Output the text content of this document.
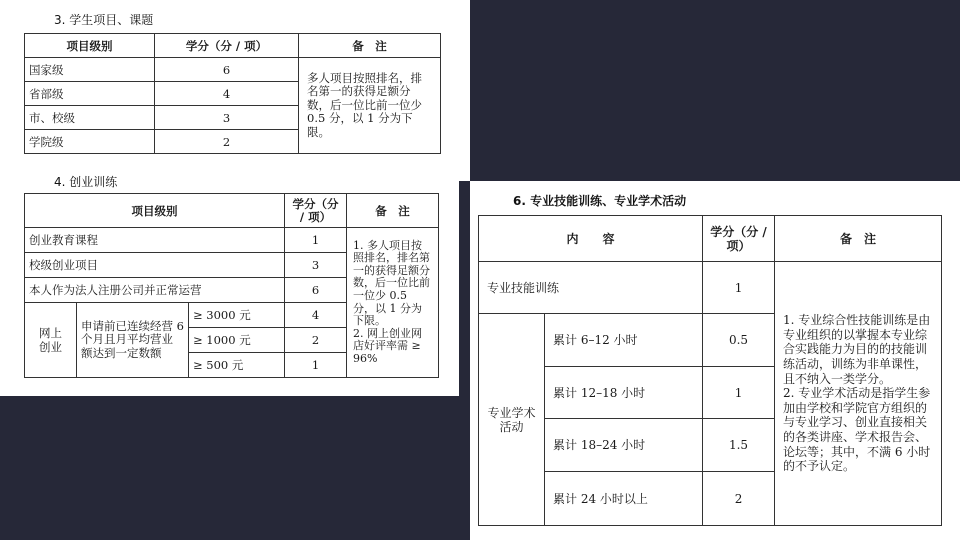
3. 学生项目、课题
项目级别	学分（分 / 项）	备　注
国家级	6	多人项目按照排名，排名第一的获得足额分数，后一位比前一位少 0.5 分，以 1 分为下限。
省部级	4	
市、校级	3	
学院级	2	
4. 创业训练
项目级别			学分（分 / 项）	备　注
创业教育课程			1	1. 多人项目按照排名，排名第一的获得足额分数，后一位比前一位少 0.5 分，以 1 分为下限。
2. 网上创业网店好评率需 ≥ 96%
校级创业项目			3	
本人作为法人注册公司并正常运营			6	
网上创业	申请前已连续经营 6 个月且月平均营业额达到一定数额	≥ 3000 元	4	
		≥ 1000 元	2	
		≥ 500 元	1	
6. 专业技能训练、专业学术活动
内　　容		学分（分 / 项）	备　注
专业技能训练		1	1. 专业综合性技能训练是由专业组织的以掌握本专业综合实践能力为目的的技能训练活动，训练为非单课性，且不纳入一类学分。
2. 专业学术活动是指学生参加由学校和学院官方组织的与专业学习、创业直接相关的各类讲座、学术报告会、论坛等；其中，不满 6 小时的不予认定。
专业学术活动	累计 6–12 小时	0.5	
	累计 12–18 小时	1	
	累计 18–24 小时	1.5	
	累计 24 小时以上	2	
